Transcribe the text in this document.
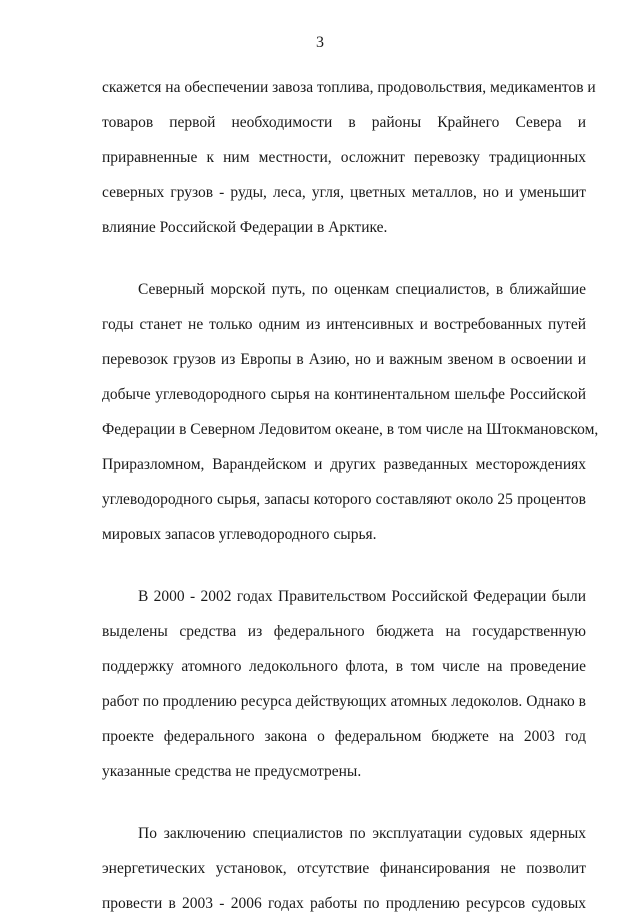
3
скажется на обеспечении завоза топлива, продовольствия, медикаментов и
товаров первой необходимости в районы Крайнего Севера и
приравненные к ним местности, осложнит перевозку традиционных
северных грузов - руды, леса, угля, цветных металлов, но и уменьшит
влияние Российской Федерации в Арктике.
Северный морской путь, по оценкам специалистов, в ближайшие
годы станет не только одним из интенсивных и востребованных путей
перевозок грузов из Европы в Азию, но и важным звеном в освоении и
добыче углеводородного сырья на континентальном шельфе Российской
Федерации в Северном Ледовитом океане, в том числе на Штокмановском,
Приразломном, Варандейском и других разведанных месторождениях
углеводородного сырья, запасы которого составляют около 25 процентов
мировых запасов углеводородного сырья.
В 2000 - 2002 годах Правительством Российской Федерации были
выделены средства из федерального бюджета на государственную
поддержку атомного ледокольного флота, в том числе на проведение
работ по продлению ресурса действующих атомных ледоколов. Однако в
проекте федерального закона о федеральном бюджете на 2003 год
указанные средства не предусмотрены.
По заключению специалистов по эксплуатации судовых ядерных
энергетических установок, отсутствие финансирования не позволит
провести в 2003 - 2006 годах работы по продлению ресурсов судовых
